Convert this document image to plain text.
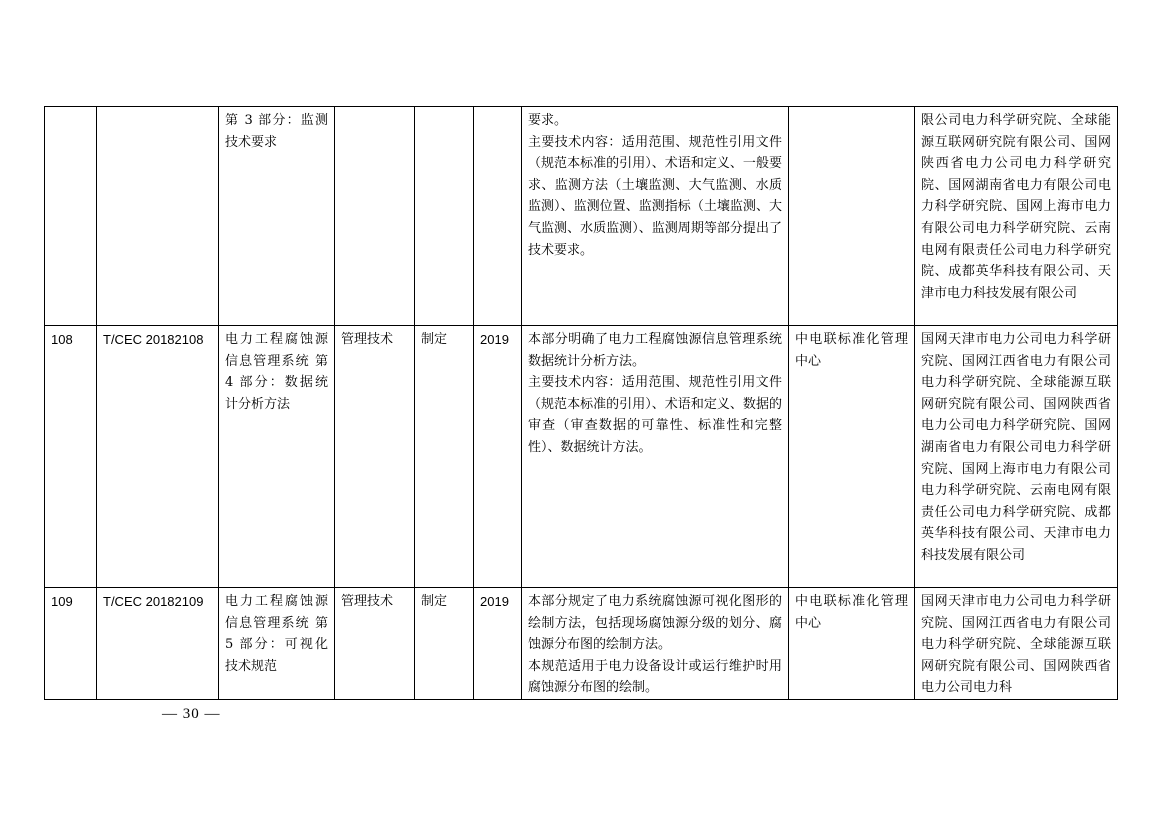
		第 3 部分：监测技术要求				要求。
主要技术内容：适用范围、规范性引用文件（规范本标准的引用）、术语和定义、一般要求、监测方法（土壤监测、大气监测、水质监测）、监测位置、监测指标（土壤监测、大气监测、水质监测）、监测周期等部分提出了技术要求。		限公司电力科学研究院、全球能源互联网研究院有限公司、国网陕西省电力公司电力科学研究院、国网湖南省电力有限公司电力科学研究院、国网上海市电力有限公司电力科学研究院、云南电网有限责任公司电力科学研究院、成都英华科技有限公司、天津市电力科技发展有限公司
108	T/CEC 20182108	电力工程腐蚀源信息管理系统 第 4 部分：数据统计分析方法	管理技术	制定	2019	本部分明确了电力工程腐蚀源信息管理系统数据统计分析方法。
主要技术内容：适用范围、规范性引用文件（规范本标准的引用）、术语和定义、数据的审查（审查数据的可靠性、标准性和完整性）、数据统计方法。	中电联标准化管理中心	国网天津市电力公司电力科学研究院、国网江西省电力有限公司电力科学研究院、全球能源互联网研究院有限公司、国网陕西省电力公司电力科学研究院、国网湖南省电力有限公司电力科学研究院、国网上海市电力有限公司电力科学研究院、云南电网有限责任公司电力科学研究院、成都英华科技有限公司、天津市电力科技发展有限公司
109	T/CEC 20182109	电力工程腐蚀源信息管理系统 第 5 部分：可视化技术规范	管理技术	制定	2019	本部分规定了电力系统腐蚀源可视化图形的绘制方法，包括现场腐蚀源分级的划分、腐蚀源分布图的绘制方法。
本规范适用于电力设备设计或运行维护时用腐蚀源分布图的绘制。	中电联标准化管理中心	国网天津市电力公司电力科学研究院、国网江西省电力有限公司电力科学研究院、全球能源互联网研究院有限公司、国网陕西省电力公司电力科
— 30 —
